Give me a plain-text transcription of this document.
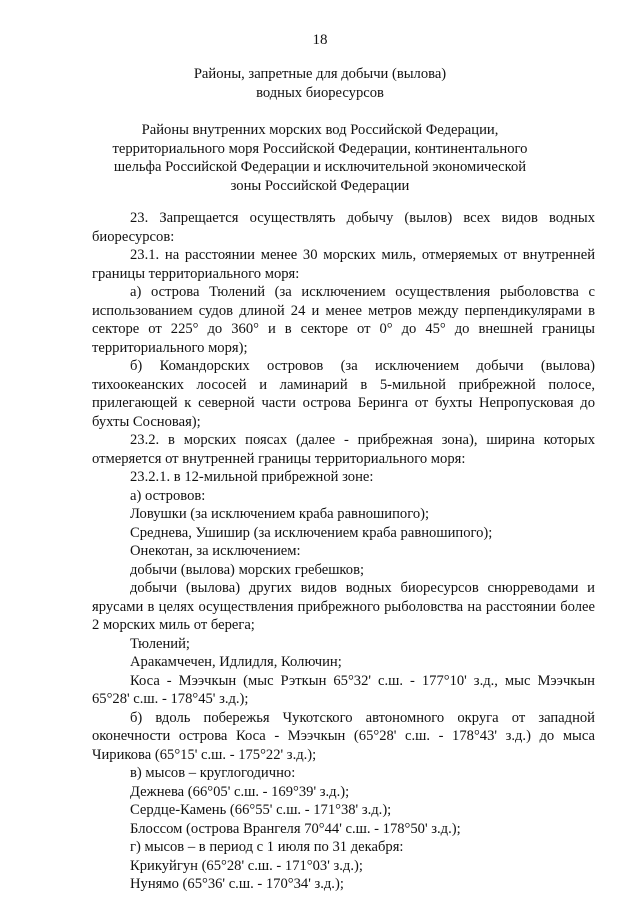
18
Районы, запретные для добычи (вылова)
водных биоресурсов
Районы внутренних морских вод Российской Федерации,
территориального моря Российской Федерации, континентального
шельфа Российской Федерации и исключительной экономической
зоны Российской Федерации

23. Запрещается осуществлять добычу (вылов) всех видов водных биоресурсов:

23.1. на расстоянии менее 30 морских миль, отмеряемых от внутренней границы территориального моря:

а) острова Тюлений (за исключением осуществления рыболовства с использованием судов длиной 24 и менее метров между перпендикулярами в секторе от 225° до 360° и в секторе от 0° до 45° до внешней границы территориального моря);

б) Командорских островов (за исключением добычи (вылова) тихоокеанских лососей и ламинарий в 5-мильной прибрежной полосе, прилегающей к северной части острова Беринга от бухты Непропусковая до бухты Сосновая);

23.2. в морских поясах (далее - прибрежная зона), ширина которых отмеряется от внутренней границы территориального моря:

23.2.1. в 12-мильной прибрежной зоне:

а) островов:

Ловушки (за исключением краба равношипого);

Среднева, Ушишир (за исключением краба равношипого);

Онекотан, за исключением:

добычи (вылова) морских гребешков;

добычи (вылова) других видов водных биоресурсов снюрреводами и ярусами в целях осуществления прибрежного рыболовства на расстоянии более 2 морских миль от берега;

Тюлений;

Аракамчечен, Идлидля, Колючин;

Коса - Мээчкын (мыс Рэткын 65°32' с.ш. - 177°10' з.д., мыс Мээчкын 65°28' с.ш. - 178°45' з.д.);

б) вдоль побережья Чукотского автономного округа от западной оконечности острова Коса - Мээчкын (65°28' с.ш. - 178°43' з.д.) до мыса Чирикова (65°15' с.ш. - 175°22' з.д.);

в) мысов – круглогодично:

Дежнева (66°05' с.ш. - 169°39' з.д.);

Сердце-Камень (66°55' с.ш. - 171°38' з.д.);

Блоссом (острова Врангеля 70°44' с.ш. - 178°50' з.д.);

г) мысов – в период с 1 июля по 31 декабря:

Крикуйгун (65°28' с.ш. - 171°03' з.д.);

Нунямо (65°36' с.ш. - 170°34' з.д.);
